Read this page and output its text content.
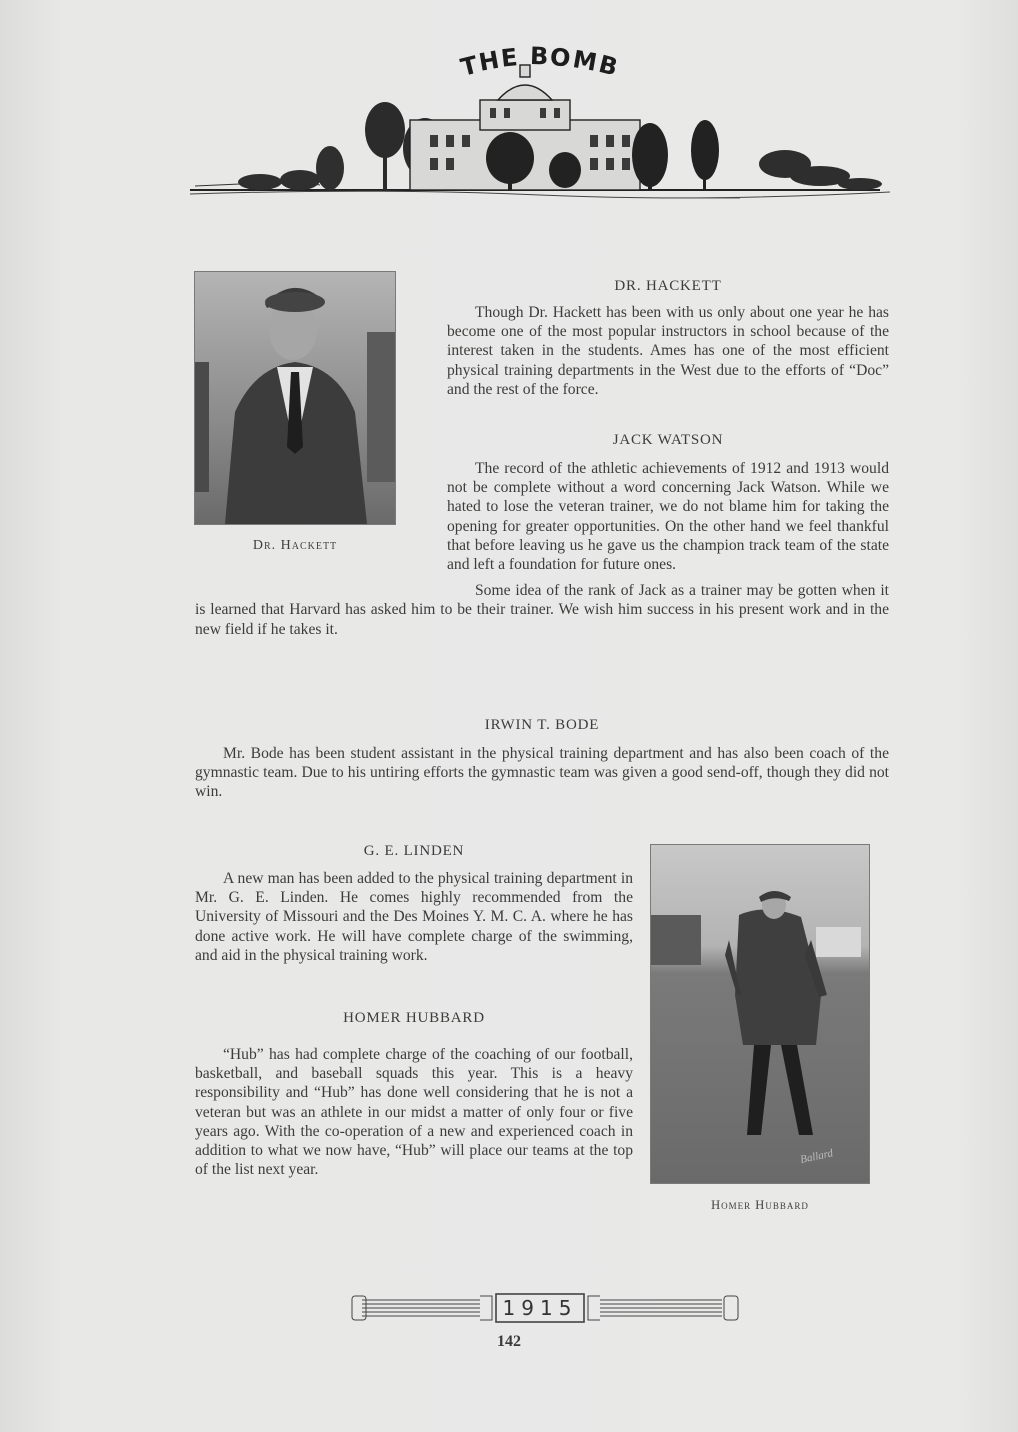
THE BOMB
Dr. Hackett
Ballard
Homer Hubbard
DR. HACKETT

Though Dr. Hackett has been with us only about one year he has become one of the most popular instructors in school because of the interest taken in the students. Ames has one of the most efficient physical training departments in the West due to the efforts of “Doc” and the rest of the force.

JACK WATSON

The record of the athletic achievements of 1912 and 1913 would not be complete without a word concerning Jack Watson. While we hated to lose the veteran trainer, we do not blame him for taking the opening for greater opportunities. On the other hand we feel thankful that before leaving us he gave us the champion track team of the state and left a foundation for future ones.

Some idea of the rank of Jack as a trainer may be gotten when it is learned that Harvard has asked him to be their trainer. We wish him success in his present work and in the new field if he takes it.

IRWIN T. BODE

Mr. Bode has been student assistant in the physical training department and has also been coach of the gymnastic team. Due to his untiring efforts the gymnastic team was given a good send-off, though they did not win.

G. E. LINDEN

A new man has been added to the physical training department in Mr. G. E. Linden. He comes highly recommended from the University of Missouri and the Des Moines Y. M. C. A. where he has done active work. He will have complete charge of the swimming, and aid in the physical training work.

HOMER HUBBARD

“Hub” has had complete charge of the coaching of our football, basketball, and baseball squads this year. This is a heavy responsibility and “Hub” has done well considering that he is not a veteran but was an athlete in our midst a matter of only four or five years ago. With the co-operation of a new and experienced coach in addition to what we now have, “Hub” will place our teams at the top of the list next year.

1915
142
